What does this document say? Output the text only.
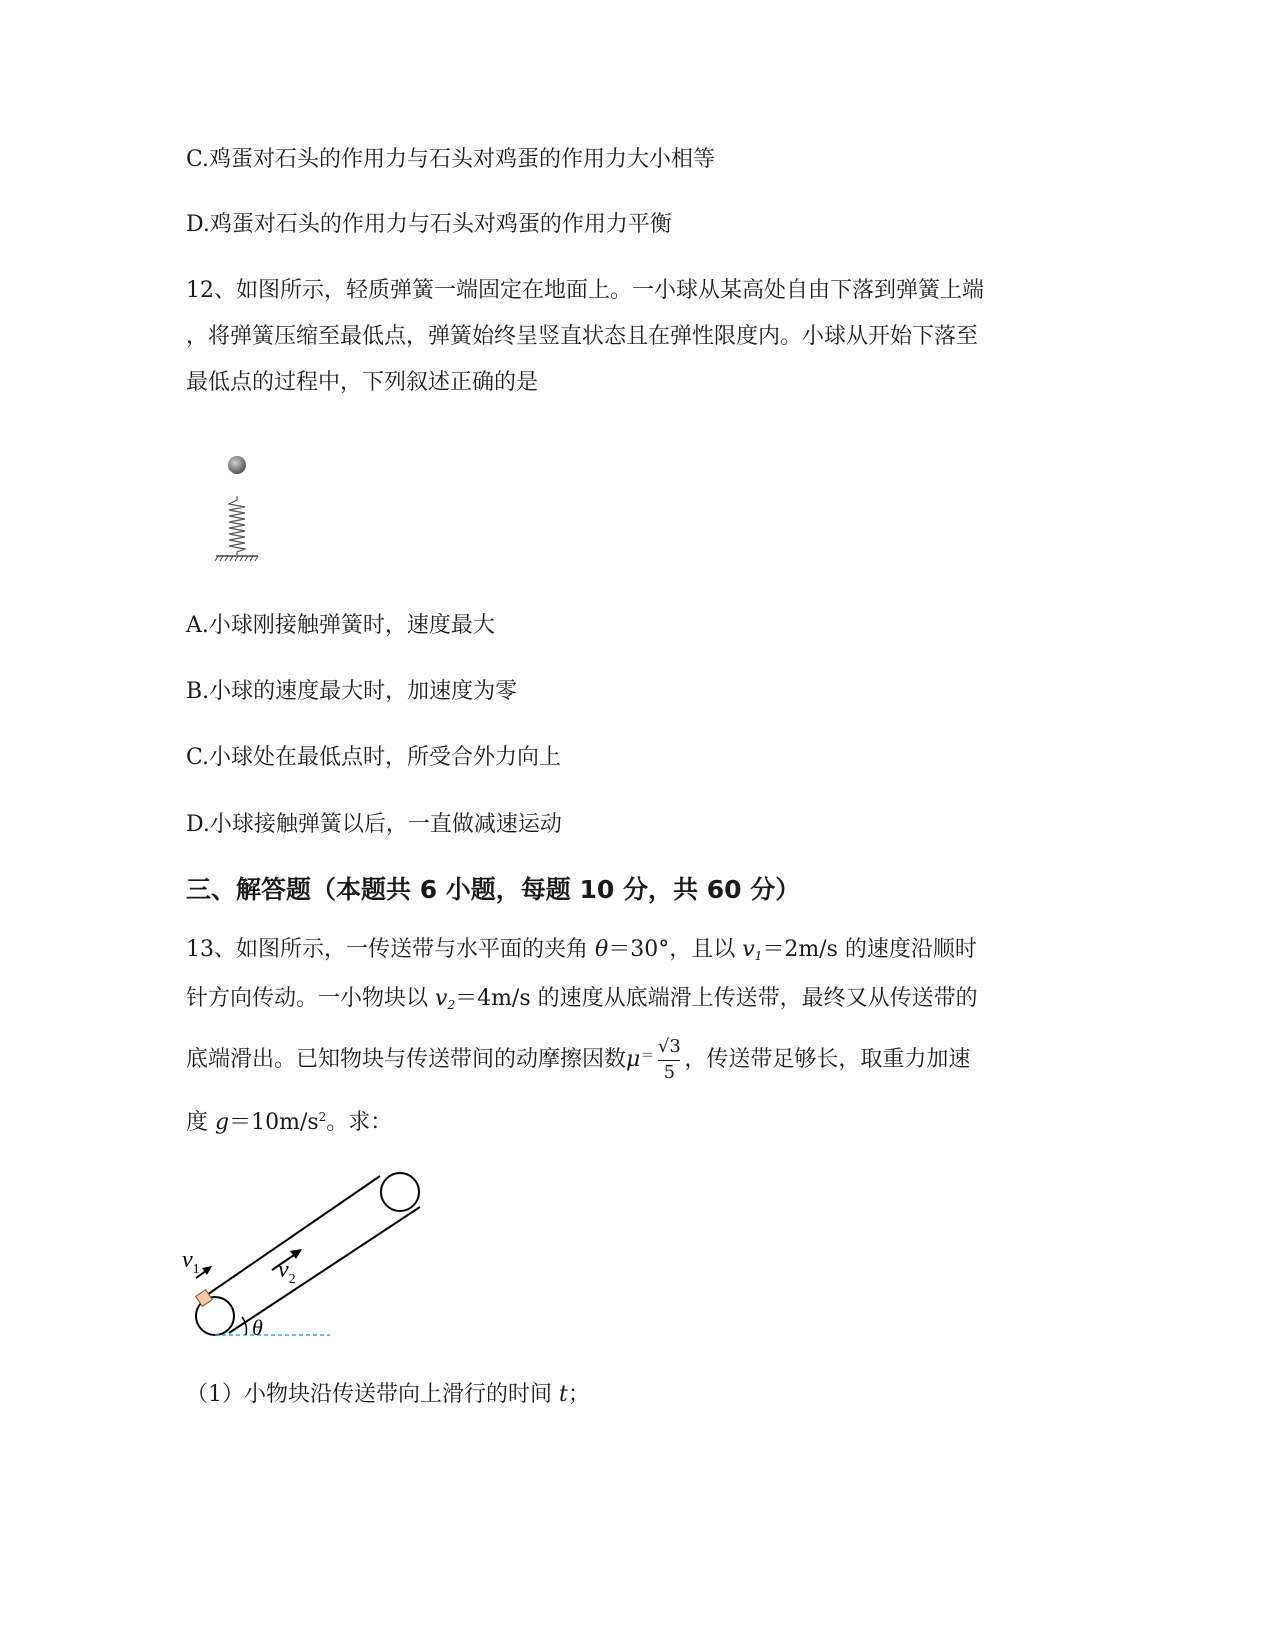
C.鸡蛋对石头的作用力与石头对鸡蛋的作用力大小相等
D.鸡蛋对石头的作用力与石头对鸡蛋的作用力平衡
12、如图所示，轻质弹簧一端固定在地面上。一小球从某高处自由下落到弹簧上端
，将弹簧压缩至最低点，弹簧始终呈竖直状态且在弹性限度内。小球从开始下落至
最低点的过程中，下列叙述正确的是
A.小球刚接触弹簧时，速度最大
B.小球的速度最大时，加速度为零
C.小球处在最低点时，所受合外力向上
D.小球接触弹簧以后，一直做减速运动
三、解答题（本题共 6 小题，每题 10 分，共 60 分）
13、如图所示，一传送带与水平面的夹角 θ＝30°，且以 $v_1=2m/s$ 的速度沿顺时
针方向传动。一小物块以 $v_2=4m/s$ 的速度从底端滑上传送带，最终又从传送带的
底端滑出。已知物块与传送带间的动摩擦因数$\mu^= \frac{√3}{5}$ ，传送带足够长，取重力加速
度 $g=10m/s^2$。求：
$v_1$	$v_2$
θ
（1）小物块沿传送带向上滑行的时间 t；
